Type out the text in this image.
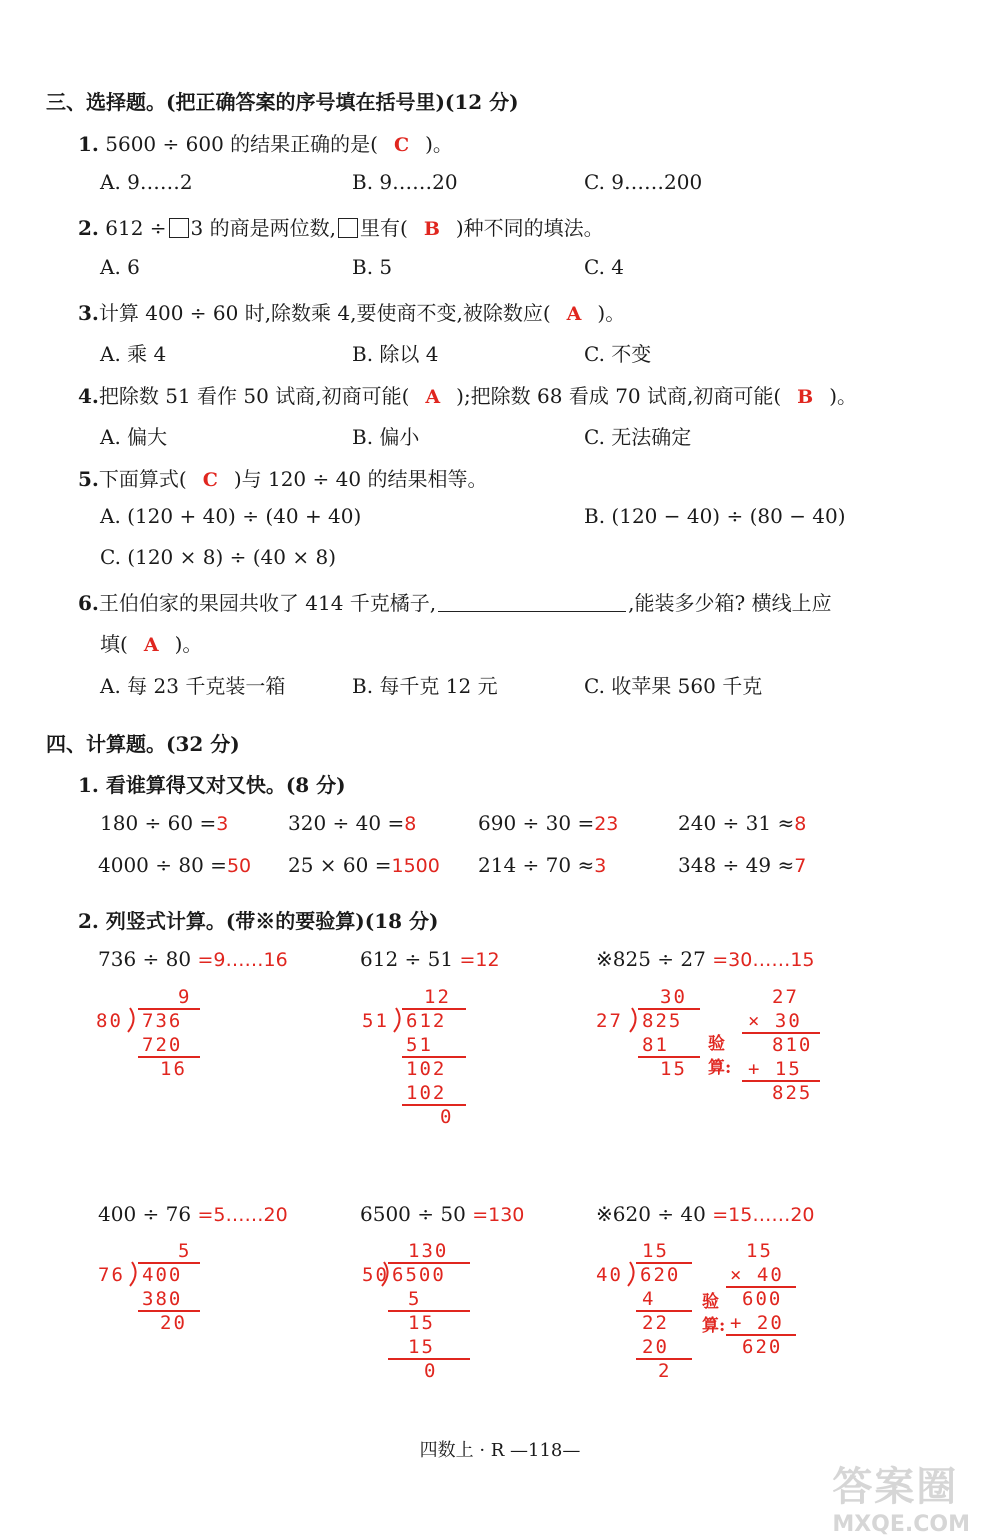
三、选择题。(把正确答案的序号填在括号里)(12 分)
1. 5600 ÷ 600 的结果正确的是( C )。
A. 9……2	B. 9……20	C. 9……200
2. 612 ÷ 3 的商是两位数, 里有( B )种不同的填法。
A. 6	B. 5	C. 4
3.计算 400 ÷ 60 时,除数乘 4,要使商不变,被除数应( A )。
A. 乘 4	B. 除以 4	C. 不变
4.把除数 51 看作 50 试商,初商可能( A );把除数 68 看成 70 试商,初商可能( B )。
A. 偏大	B. 偏小	C. 无法确定
5.下面算式( C )与 120 ÷ 40 的结果相等。
A. (120 + 40) ÷ (40 + 40)	B. (120 − 40) ÷ (80 − 40)
C. (120 × 8) ÷ (40 × 8)
6.王伯伯家的果园共收了 414 千克橘子,	,能装多少箱? 横线上应
填( A )。
A. 每 23 千克装一箱	B. 每千克 12 元	C. 收苹果 560 千克
四、计算题。(32 分)
1. 看谁算得又对又快。(8 分)
180 ÷ 60 =3	320 ÷ 40 =8	690 ÷ 30 =23	240 ÷ 31 ≈8
4000 ÷ 80 =50 25 × 60 =1500 214 ÷ 70 ≈3	348 ÷ 49 ≈7
2. 列竖式计算。(带※的要验算)(18 分)
736 ÷ 80 =9……16	612 ÷ 51 =12	※825 ÷ 27 =30……15
9
80 736
720
16
12
51 612
51
102
102
0
30
27 825
81
15
验算:
27
× 30
810
+ 15
825
400 ÷ 76 =5……20	6500 ÷ 50 =130	※620 ÷ 40 =15……20
5
76 400
380
20
130
50 6500
5
15
15
0
15
40 620
4
22
20
2
验算:
15
× 40
600
+ 20
620
四数上 · R —118—
答案圈
MXQE.COM
